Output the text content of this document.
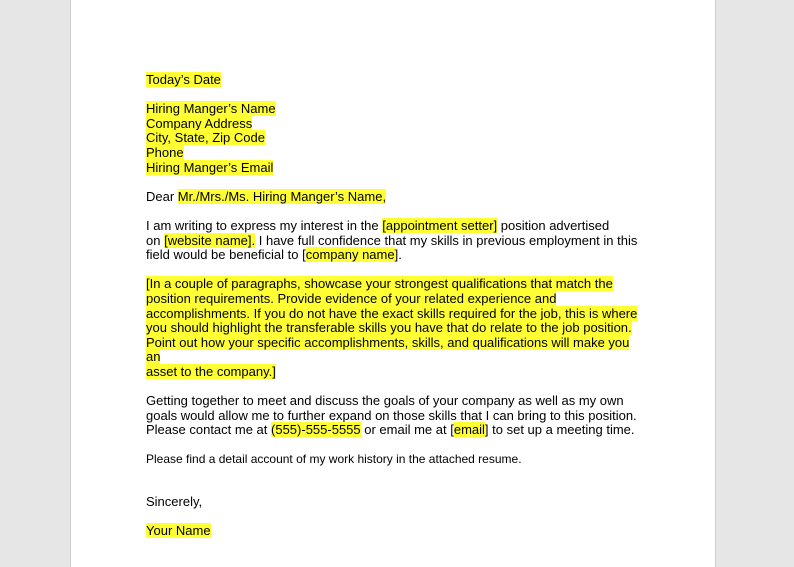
Today’s Date

Hiring Manger’s Name
Company Address
City, State, Zip Code
Phone
Hiring Manger’s Email

Dear Mr./Mrs./Ms. Hiring Manger’s Name,

I am writing to express my interest in the [appointment setter] position advertised
on [website name]. I have full confidence that my skills in previous employment in this
field would be beneficial to [company name].
[In a couple of paragraphs, showcase your strongest qualifications that match the
position requirements. Provide evidence of your related experience and
accomplishments. If you do not have the exact skills required for the job, this is where
you should highlight the transferable skills you have that do relate to the job position.
Point out how your specific accomplishments, skills, and qualifications will make you an
asset to the company.]
Getting together to meet and discuss the goals of your company as well as my own
goals would allow me to further expand on those skills that I can bring to this position.
Please contact me at (555)-555-5555 or email me at [email] to set up a meeting time.

Please find a detail account of my work history in the attached resume.

Sincerely,

Your Name
